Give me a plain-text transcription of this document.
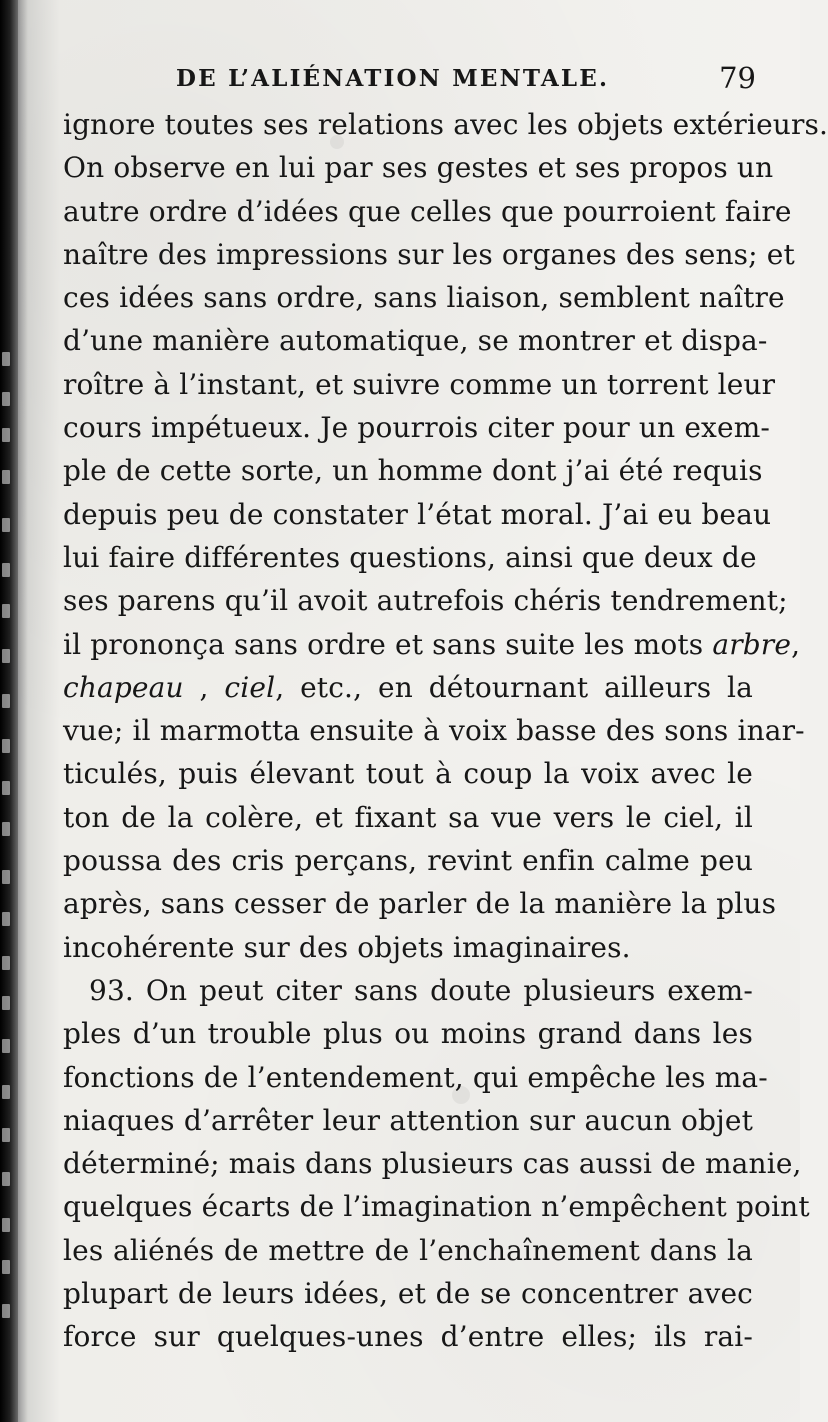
DE L’ALIÉNATION MENTALE.	79
ignore toutes ses relations avec les objets extérieurs.
On observe en lui par ses gestes et ses propos un
autre ordre d’idées que celles que pourroient faire
naître des impressions sur les organes des sens; et
ces idées sans ordre, sans liaison, semblent naître
d’une manière automatique, se montrer et dispa-
roître à l’instant, et suivre comme un torrent leur
cours impétueux. Je pourrois citer pour un exem-
ple de cette sorte, un homme dont j’ai été requis
depuis peu de constater l’état moral. J’ai eu beau
lui faire différentes questions, ainsi que deux de
ses parens qu’il avoit autrefois chéris tendrement;
il prononça sans ordre et sans suite les mots arbre,
chapeau , ciel, etc., en détournant ailleurs la
vue; il marmotta ensuite à voix basse des sons inar-
ticulés, puis élevant tout à coup la voix avec le
ton de la colère, et fixant sa vue vers le ciel, il
poussa des cris perçans, revint enfin calme peu
après, sans cesser de parler de la manière la plus
incohérente sur des objets imaginaires.
93. On peut citer sans doute plusieurs exem-
ples d’un trouble plus ou moins grand dans les
fonctions de l’entendement, qui empêche les ma-
niaques d’arrêter leur attention sur aucun objet
déterminé; mais dans plusieurs cas aussi de manie,
quelques écarts de l’imagination n’empêchent point
les aliénés de mettre de l’enchaînement dans la
plupart de leurs idées, et de se concentrer avec
force sur quelques-unes d’entre elles; ils rai-
